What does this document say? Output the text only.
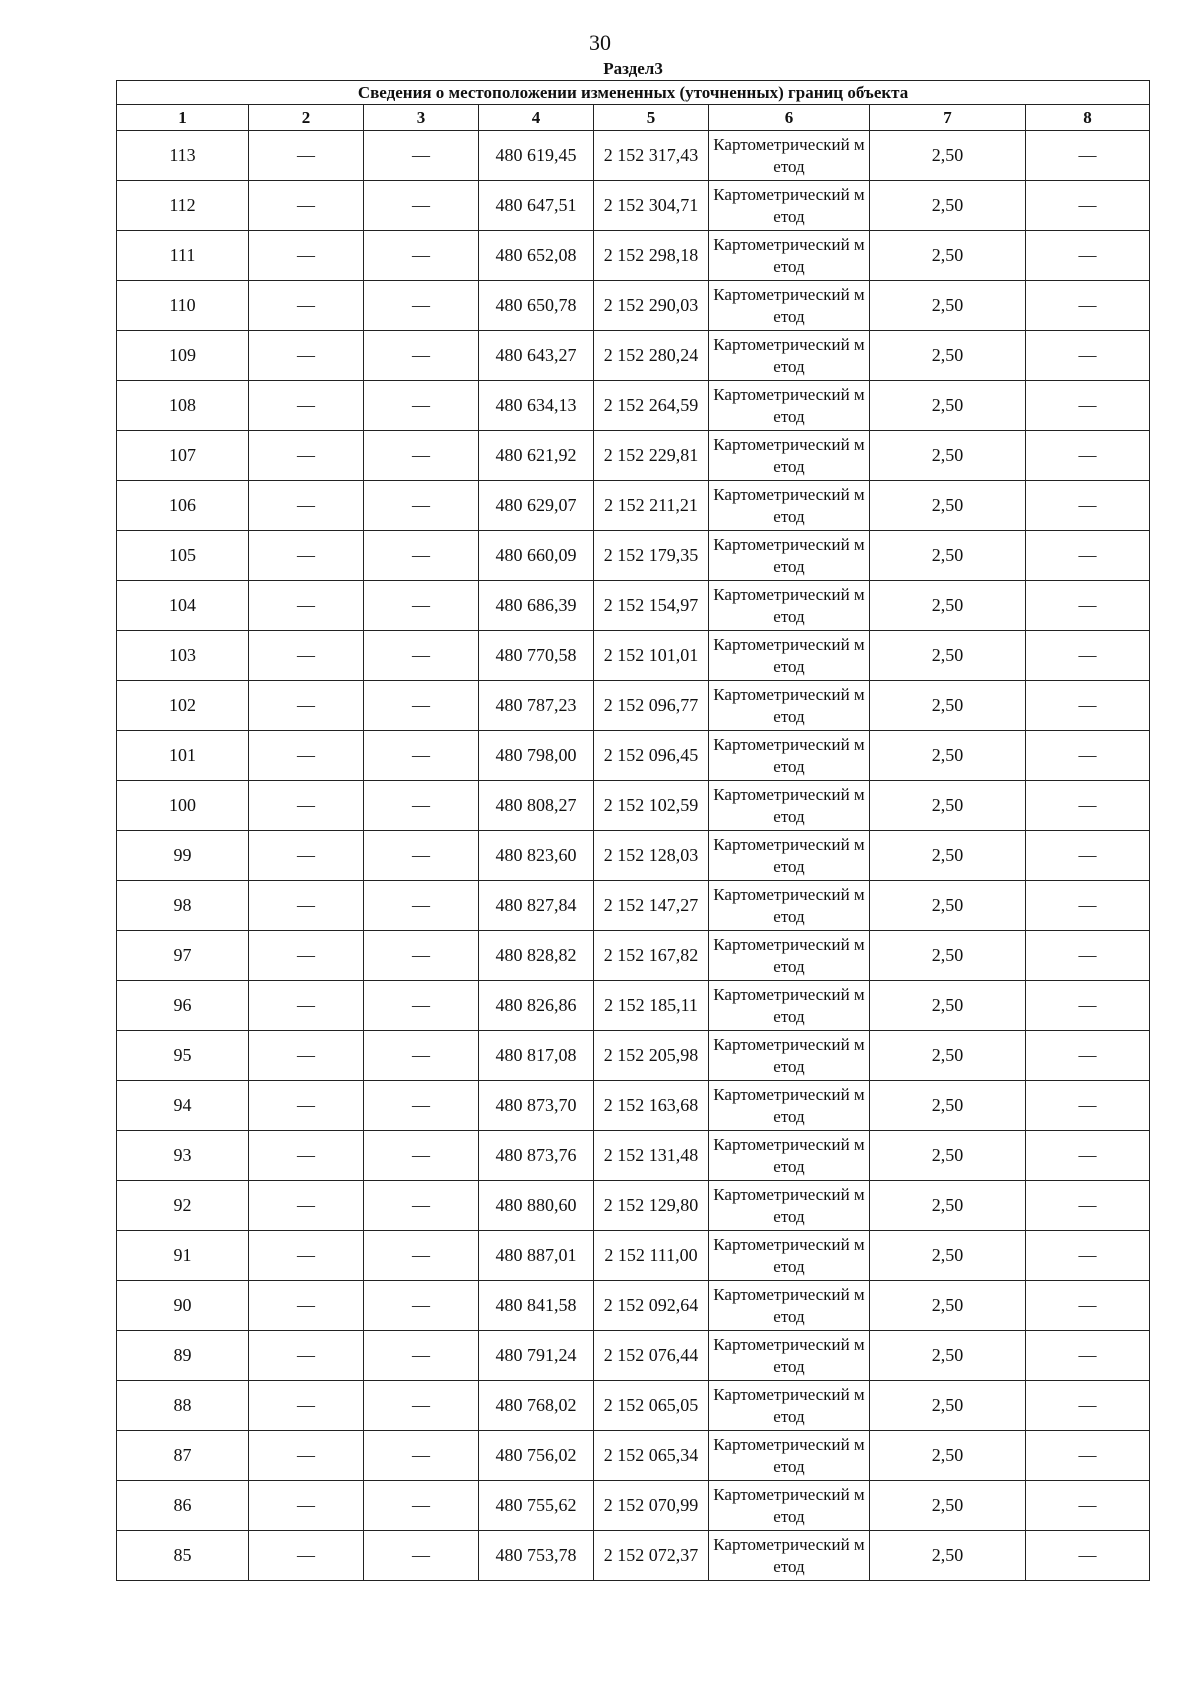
30
Раздел3							
Сведения о местоположении измененных (уточненных) границ объекта							
1	2	3	4	5	6	7	8
113	—	—	480 619,45	2 152 317,43	Картометрический метод	2,50	—
112	—	—	480 647,51	2 152 304,71	Картометрический метод	2,50	—
111	—	—	480 652,08	2 152 298,18	Картометрический метод	2,50	—
110	—	—	480 650,78	2 152 290,03	Картометрический метод	2,50	—
109	—	—	480 643,27	2 152 280,24	Картометрический метод	2,50	—
108	—	—	480 634,13	2 152 264,59	Картометрический метод	2,50	—
107	—	—	480 621,92	2 152 229,81	Картометрический метод	2,50	—
106	—	—	480 629,07	2 152 211,21	Картометрический метод	2,50	—
105	—	—	480 660,09	2 152 179,35	Картометрический метод	2,50	—
104	—	—	480 686,39	2 152 154,97	Картометрический метод	2,50	—
103	—	—	480 770,58	2 152 101,01	Картометрический метод	2,50	—
102	—	—	480 787,23	2 152 096,77	Картометрический метод	2,50	—
101	—	—	480 798,00	2 152 096,45	Картометрический метод	2,50	—
100	—	—	480 808,27	2 152 102,59	Картометрический метод	2,50	—
99	—	—	480 823,60	2 152 128,03	Картометрический метод	2,50	—
98	—	—	480 827,84	2 152 147,27	Картометрический метод	2,50	—
97	—	—	480 828,82	2 152 167,82	Картометрический метод	2,50	—
96	—	—	480 826,86	2 152 185,11	Картометрический метод	2,50	—
95	—	—	480 817,08	2 152 205,98	Картометрический метод	2,50	—
94	—	—	480 873,70	2 152 163,68	Картометрический метод	2,50	—
93	—	—	480 873,76	2 152 131,48	Картометрический метод	2,50	—
92	—	—	480 880,60	2 152 129,80	Картометрический метод	2,50	—
91	—	—	480 887,01	2 152 111,00	Картометрический метод	2,50	—
90	—	—	480 841,58	2 152 092,64	Картометрический метод	2,50	—
89	—	—	480 791,24	2 152 076,44	Картометрический метод	2,50	—
88	—	—	480 768,02	2 152 065,05	Картометрический метод	2,50	—
87	—	—	480 756,02	2 152 065,34	Картометрический метод	2,50	—
86	—	—	480 755,62	2 152 070,99	Картометрический метод	2,50	—
85	—	—	480 753,78	2 152 072,37	Картометрический метод	2,50	—
